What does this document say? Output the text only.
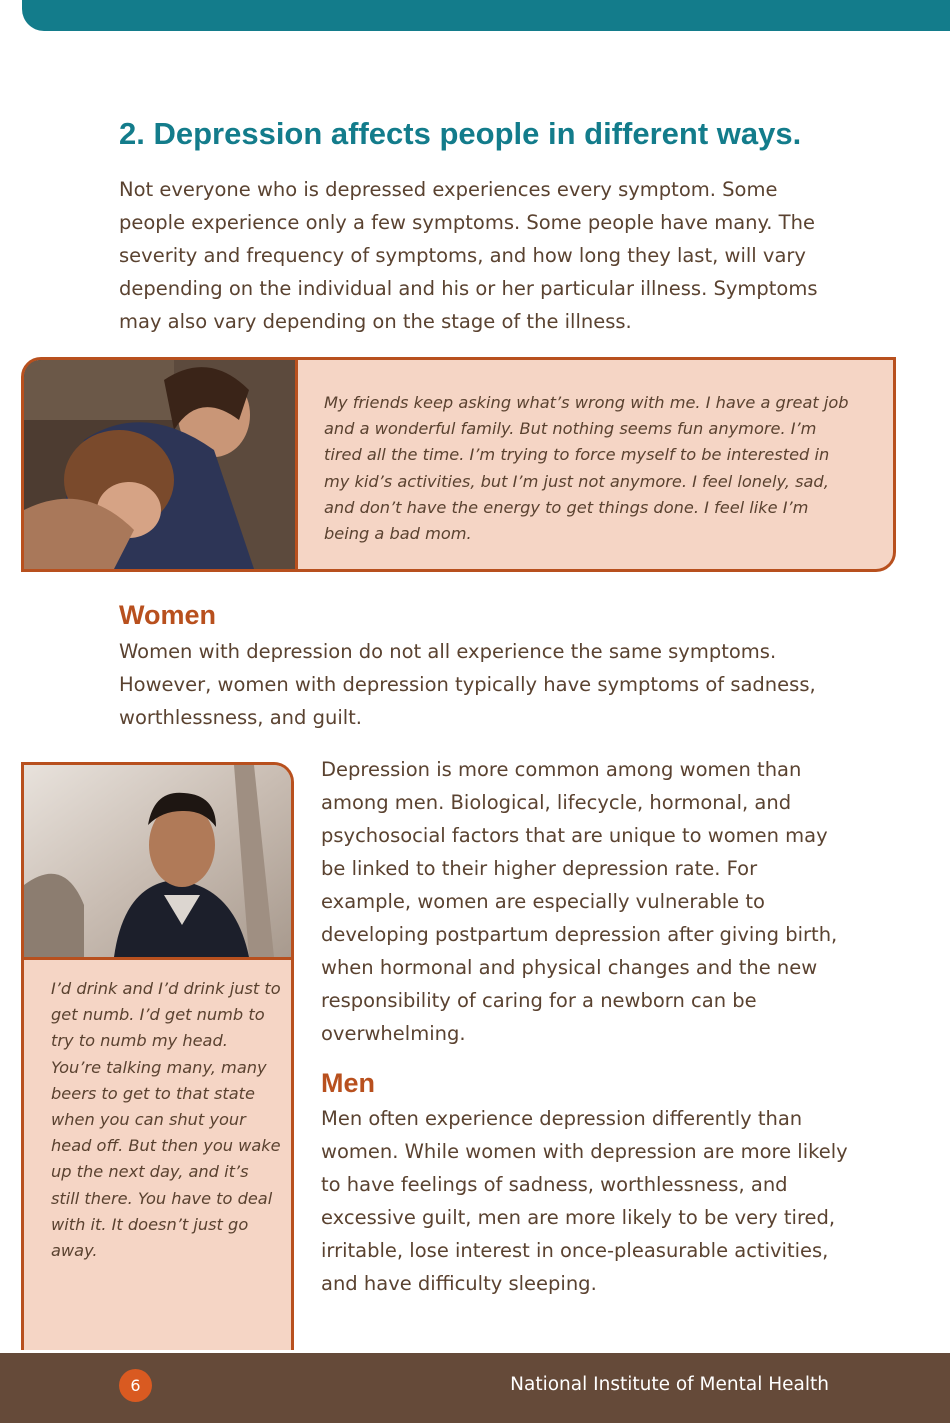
2. Depression affects people in different ways.

Not everyone who is depressed experiences every symptom. Some people experience only a few symptoms. Some people have many. The severity and frequency of symptoms, and how long they last, will vary depending on the individual and his or her particular illness. Symptoms may also vary depending on the stage of the illness.

My friends keep asking what’s wrong with me. I have a great job and a wonderful family. But nothing seems fun anymore. I’m tired all the time. I’m trying to force myself to be interested in my kid’s activities, but I’m just not anymore. I feel lonely, sad, and don’t have the energy to get things done. I feel like I’m being a bad mom.

Women

Women with depression do not all experience the same symptoms. However, women with depression typically have symptoms of sadness, worthlessness, and guilt.

I’d drink and I’d drink just to get numb. I’d get numb to try to numb my head. You’re talking many, many beers to get to that state when you can shut your head off. But then you wake up the next day, and it’s still there. You have to deal with it. It doesn’t just go away.

Depression is more common among women than among men. Biological, lifecycle, hormonal, and psychosocial factors that are unique to women may be linked to their higher depression rate. For example, women are especially vulnerable to developing postpartum depression after giving birth, when hormonal and physical changes and the new responsibility of caring for a newborn can be overwhelming.

Men

Men often experience depression differently than women. While women with depression are more likely to have feelings of sadness, worthlessness, and excessive guilt, men are more likely to be very tired, irritable, lose interest in once-pleasurable activities, and have difficulty sleeping.

6	National Institute of Mental Health
